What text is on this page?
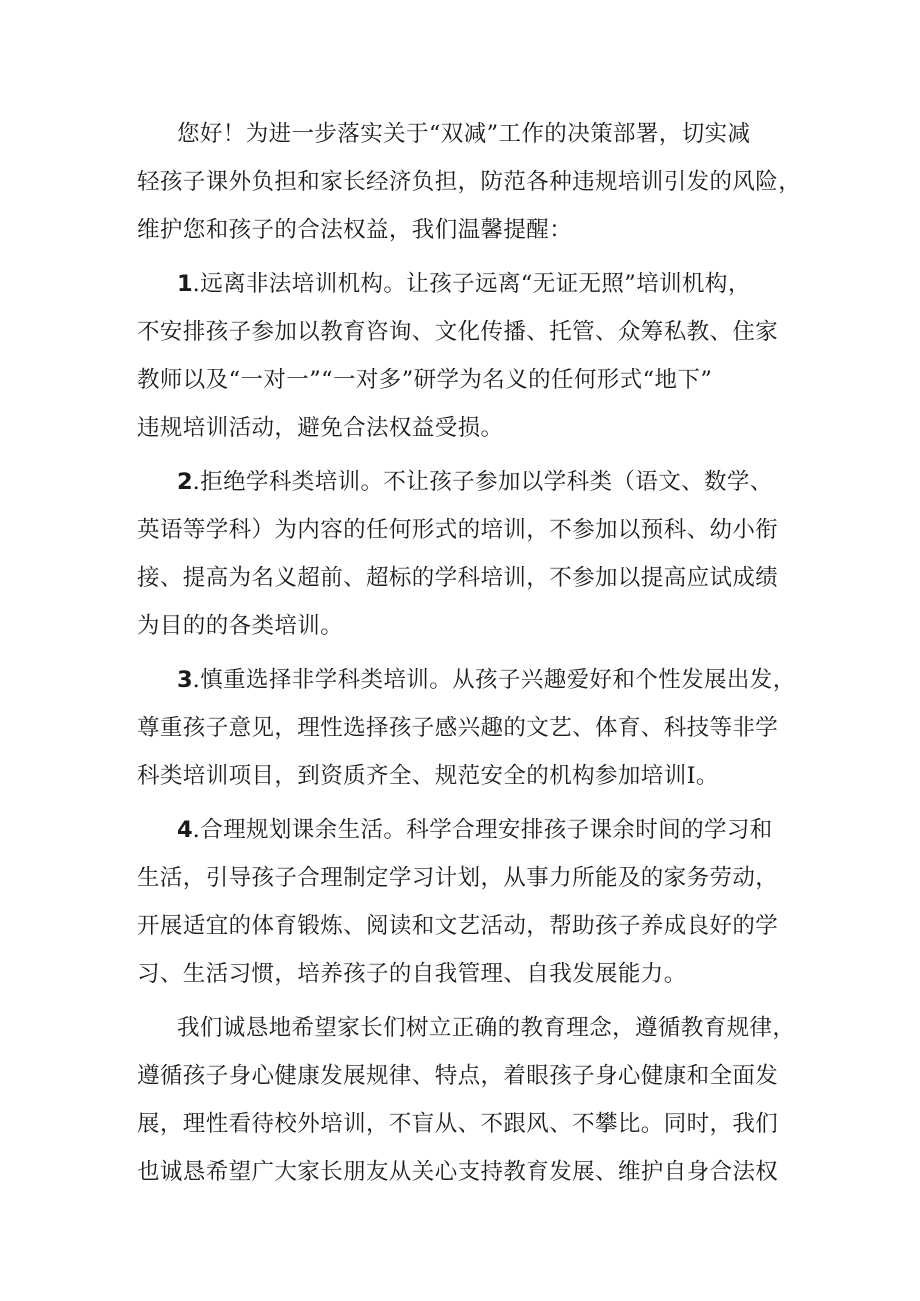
您好！为进一步落实关于“双减”工作的决策部署，切实减
轻孩子课外负担和家长经济负担，防范各种违规培训引发的风险，
维护您和孩子的合法权益，我们温馨提醒：
1.远离非法培训机构。让孩子远离“无证无照”培训机构，
不安排孩子参加以教育咨询、文化传播、托管、众筹私教、住家
教师以及“一对一”“一对多”研学为名义的任何形式“地下”
违规培训活动，避免合法权益受损。
2.拒绝学科类培训。不让孩子参加以学科类（语文、数学、
英语等学科）为内容的任何形式的培训，不参加以预科、幼小衔
接、提高为名义超前、超标的学科培训，不参加以提高应试成绩
为目的的各类培训。
3.慎重选择非学科类培训。从孩子兴趣爱好和个性发展出发，
尊重孩子意见，理性选择孩子感兴趣的文艺、体育、科技等非学
科类培训项目，到资质齐全、规范安全的机构参加培训I。
4.合理规划课余生活。科学合理安排孩子课余时间的学习和
生活，引导孩子合理制定学习计划，从事力所能及的家务劳动，
开展适宜的体育锻炼、阅读和文艺活动，帮助孩子养成良好的学
习、生活习惯，培养孩子的自我管理、自我发展能力。
我们诚恳地希望家长们树立正确的教育理念，遵循教育规律，
遵循孩子身心健康发展规律、特点，着眼孩子身心健康和全面发
展，理性看待校外培训，不盲从、不跟风、不攀比。同时，我们
也诚恳希望广大家长朋友从关心支持教育发展、维护自身合法权
